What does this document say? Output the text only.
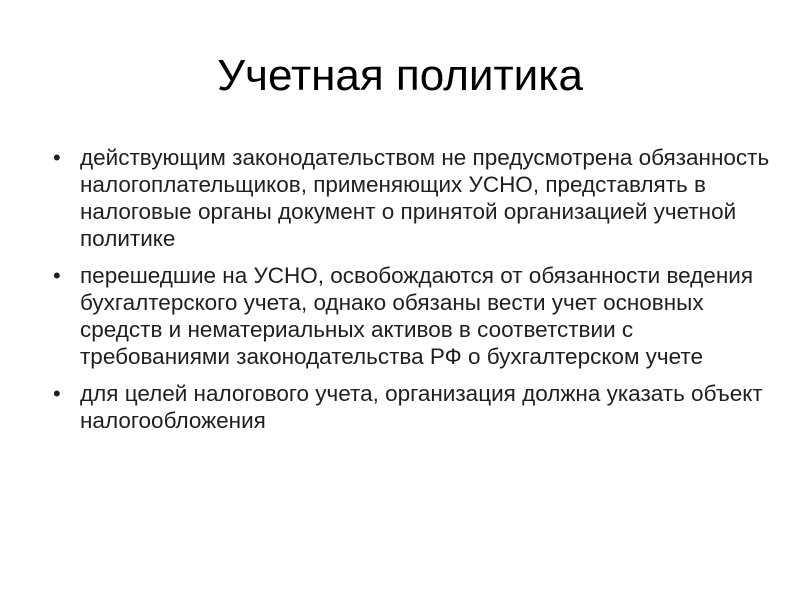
Учетная политика
• действующим законодательством не предусмотрена обязанность налогоплательщиков, применяющих УСНО, представлять в налоговые органы документ о принятой организацией учетной политике
• перешедшие на УСНО, освобождаются от обязанности ведения бухгалтерского учета, однако обязаны вести учет основных средств и нематериальных активов в соответствии с требованиями законодательства РФ о бухгалтерском учете
• для целей налогового учета, организация должна указать объект налогообложения
